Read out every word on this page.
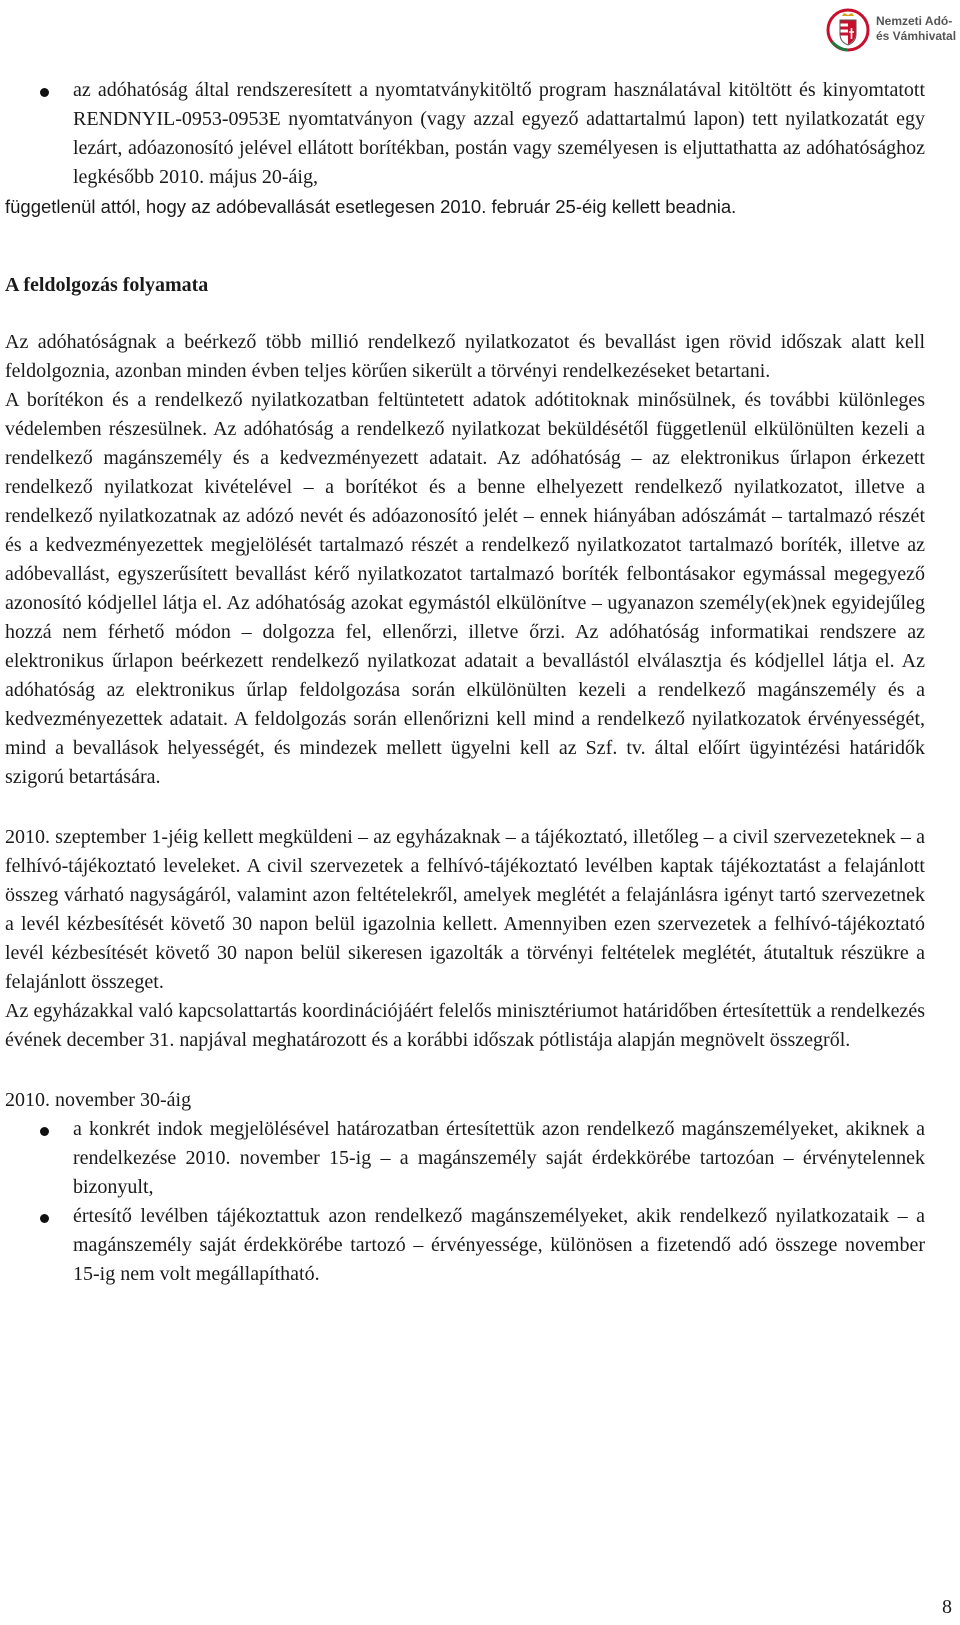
Nemzeti Adó-
és Vámhivatal

az adóhatóság által rendszeresített a nyomtatványkitöltő program használatával kitöltött és kinyomtatott RENDNYIL-0953-0953E nyomtatványon (vagy azzal egyező adattartalmú lapon) tett nyilatkozatát egy lezárt, adóazonosító jelével ellátott borítékban, postán vagy személyesen is eljuttathatta az adóhatósághoz legkésőbb 2010. május 20-áig,

függetlenül attól, hogy az adóbevallását esetlegesen 2010. február 25-éig kellett beadnia.

A feldolgozás folyamata

Az adóhatóságnak a beérkező több millió rendelkező nyilatkozatot és bevallást igen rövid időszak alatt kell feldolgoznia, azonban minden évben teljes körűen sikerült a törvényi rendelkezéseket betartani.

A borítékon és a rendelkező nyilatkozatban feltüntetett adatok adótitoknak minősülnek, és további különleges védelemben részesülnek. Az adóhatóság a rendelkező nyilatkozat beküldésétől függetlenül elkülönülten kezeli a rendelkező magánszemély és a kedvezményezett adatait. Az adóhatóság – az elektronikus űrlapon érkezett rendelkező nyilatkozat kivételével – a borítékot és a benne elhelyezett rendelkező nyilatkozatot, illetve a rendelkező nyilatkozatnak az adózó nevét és adóazonosító jelét – ennek hiányában adószámát – tartalmazó részét és a kedvezményezettek megjelölését tartalmazó részét a rendelkező nyilatkozatot tartalmazó boríték, illetve az adóbevallást, egyszerűsített bevallást kérő nyilatkozatot tartalmazó boríték felbontásakor egymással megegyező azonosító kódjellel látja el. Az adóhatóság azokat egymástól elkülönítve – ugyanazon személy(ek)nek egyidejűleg hozzá nem férhető módon – dolgozza fel, ellenőrzi, illetve őrzi. Az adóhatóság informatikai rendszere az elektronikus űrlapon beérkezett rendelkező nyilatkozat adatait a bevallástól elválasztja és kódjellel látja el. Az adóhatóság az elektronikus űrlap feldolgozása során elkülönülten kezeli a rendelkező magánszemély és a kedvezményezettek adatait. A feldolgozás során ellenőrizni kell mind a rendelkező nyilatkozatok érvényességét, mind a bevallások helyességét, és mindezek mellett ügyelni kell az Szf. tv. által előírt ügyintézési határidők szigorú betartására.

2010. szeptember 1-jéig kellett megküldeni – az egyházaknak – a tájékoztató, illetőleg – a civil szervezeteknek – a felhívó-tájékoztató leveleket. A civil szervezetek a felhívó-tájékoztató levélben kaptak tájékoztatást a felajánlott összeg várható nagyságáról, valamint azon feltételekről, amelyek meglétét a felajánlásra igényt tartó szervezetnek a levél kézbesítését követő 30 napon belül igazolnia kellett. Amennyiben ezen szervezetek a felhívó-tájékoztató levél kézbesítését követő 30 napon belül sikeresen igazolták a törvényi feltételek meglétét, átutaltuk részükre a felajánlott összeget.

Az egyházakkal való kapcsolattartás koordinációjáért felelős minisztériumot határidőben értesítettük a rendelkezés évének december 31. napjával meghatározott és a korábbi időszak pótlistája alapján megnövelt összegről.

2010. november 30-áig

a konkrét indok megjelölésével határozatban értesítettük azon rendelkező magánszemélyeket, akiknek a rendelkezése 2010. november 15-ig – a magánszemély saját érdekkörébe tartozóan – érvénytelennek bizonyult,

értesítő levélben tájékoztattuk azon rendelkező magánszemélyeket, akik rendelkező nyilatkozataik – a magánszemély saját érdekkörébe tartozó – érvényessége, különösen a fizetendő adó összege november 15-ig nem volt megállapítható.

8
